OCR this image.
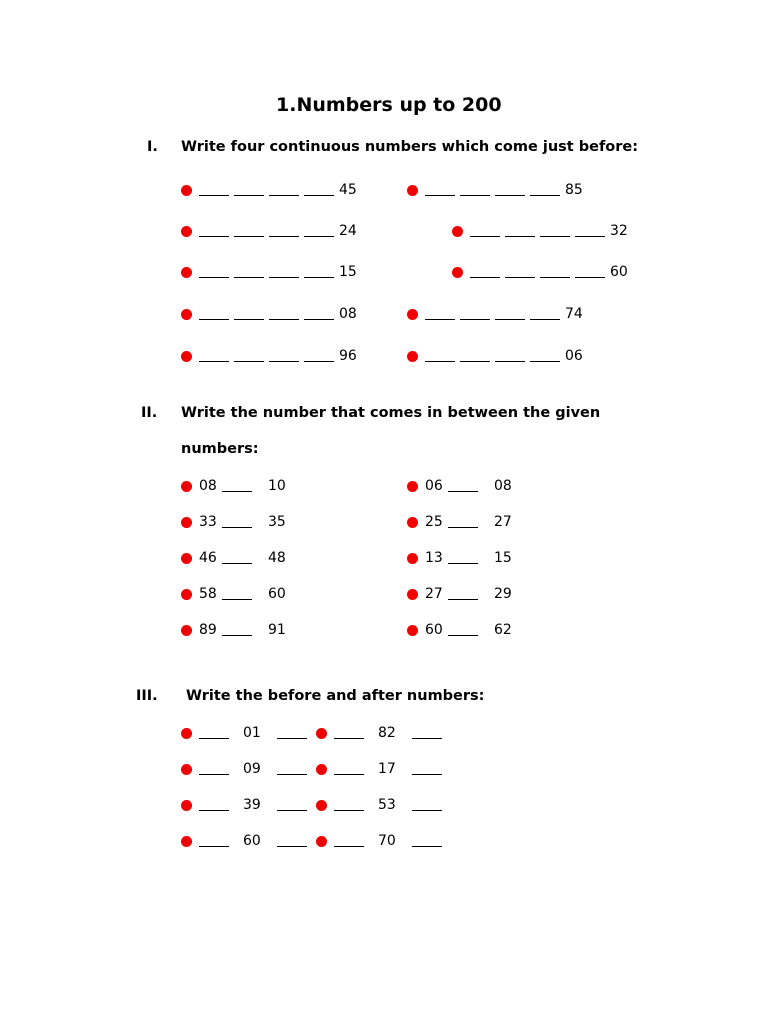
1.Numbers up to 200
I. Write four continuous numbers which come just before:
45	85
24	32
15	60
08	74
96	06
II. Write the number that comes in between the given
numbers:
08	10	06	08
33	35	25	27
46	48	13	15
58	60	27	29
89	91	60	62
III. Write the before and after numbers:
01	82
09	17
39	53
60	70
